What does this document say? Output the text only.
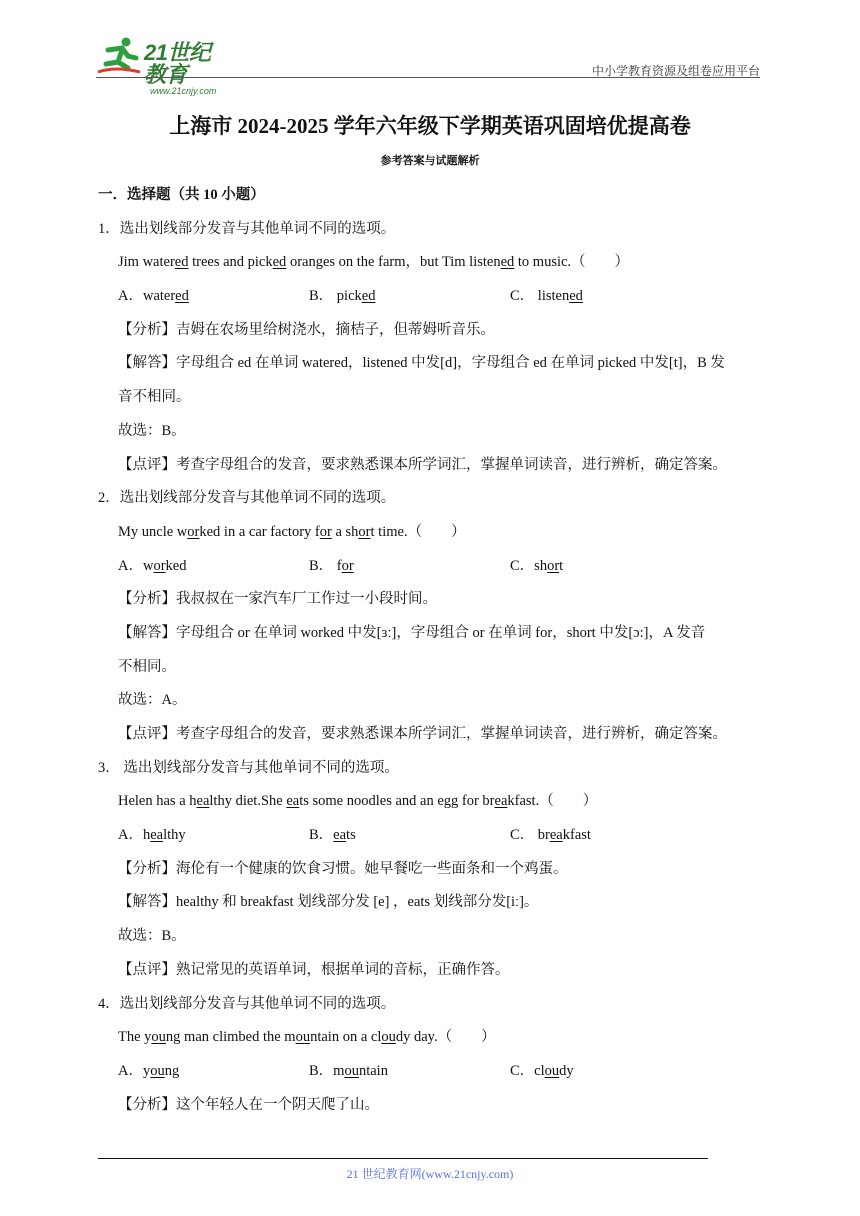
21世纪教育
www.21cnjy.com
中小学教育资源及组卷应用平台
上海市 2024-2025 学年六年级下学期英语巩固培优提高卷
参考答案与试题解析
一．选择题（共 10 小题）
1．选出划线部分发音与其他单词不同的选项。
Jim watered trees and picked oranges on the farm，but Tim listened to music.（　　）
A．watered	B． picked	C． listened
【分析】吉姆在农场里给树浇水，摘桔子，但蒂姆听音乐。
【解答】字母组合 ed 在单词 watered，listened 中发[d]，字母组合 ed 在单词 picked 中发[t]，B 发
音不相同。
故选：B。
【点评】考查字母组合的发音，要求熟悉课本所学词汇，掌握单词读音，进行辨析，确定答案。
2．选出划线部分发音与其他单词不同的选项。
My uncle worked in a car factory for a short time.（　　）
A．worked	B． for	C．short
【分析】我叔叔在一家汽车厂工作过一小段时间。
【解答】字母组合 or 在单词 worked 中发[ɜː]，字母组合 or 在单词 for，short 中发[ɔ:]，A 发音
不相同。
故选：A。
【点评】考查字母组合的发音，要求熟悉课本所学词汇，掌握单词读音，进行辨析，确定答案。
3． 选出划线部分发音与其他单词不同的选项。
Helen has a healthy diet.She eats some noodles and an egg for breakfast.（　　）
A．healthy	B．eats	C． breakfast
【分析】海伦有一个健康的饮食习惯。她早餐吃一些面条和一个鸡蛋。
【解答】healthy 和 breakfast 划线部分发 [e] ，eats 划线部分发[iː]。
故选：B。
【点评】熟记常见的英语单词，根据单词的音标，正确作答。
4．选出划线部分发音与其他单词不同的选项。
The young man climbed the mountain on a cloudy day.（　　）
A．young	B．mountain	C．cloudy
【分析】这个年轻人在一个阴天爬了山。
21 世纪教育网(www.21cnjy.com)
